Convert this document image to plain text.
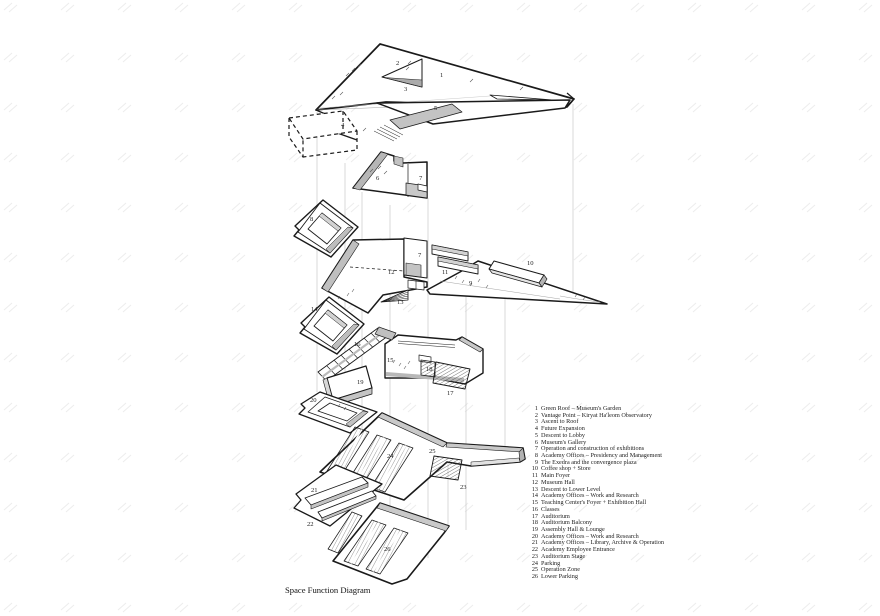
1
2
3
4
5
6	7
8
7
9
10
11
12
13
14
15
16
17
18
19
20
21
22
23
24
25
26
1 Green Roof – Museum's Garden
2 Vantage Point – Kiryat Ha'leom Observatory
3 Ascent to Roof
4 Future Expansion
5 Descent to Lobby
6 Museum's Gallery
7 Operation and construction of exhibitions
8 Academy Offices – Presidency and Management
9 The Exedra and the convergence plaza
10 Coffee shop + Store
11 Main Foyer
12 Museum Hall
13 Descent to Lower Level
14 Academy Offices – Work and Research
15 Teaching Center's Foyer + Exhibition Hall
16 Classes
17 Auditorium
18 Auditorium Balcony
19 Assembly Hall & Lounge
20 Academy Offices – Work and Research
21 Academy Offices – Library, Archive & Operation
22 Academy Employee Entrance
23 Auditorium Stage
24 Parking
25 Operation Zone
26 Lower Parking
Space Function Diagram
